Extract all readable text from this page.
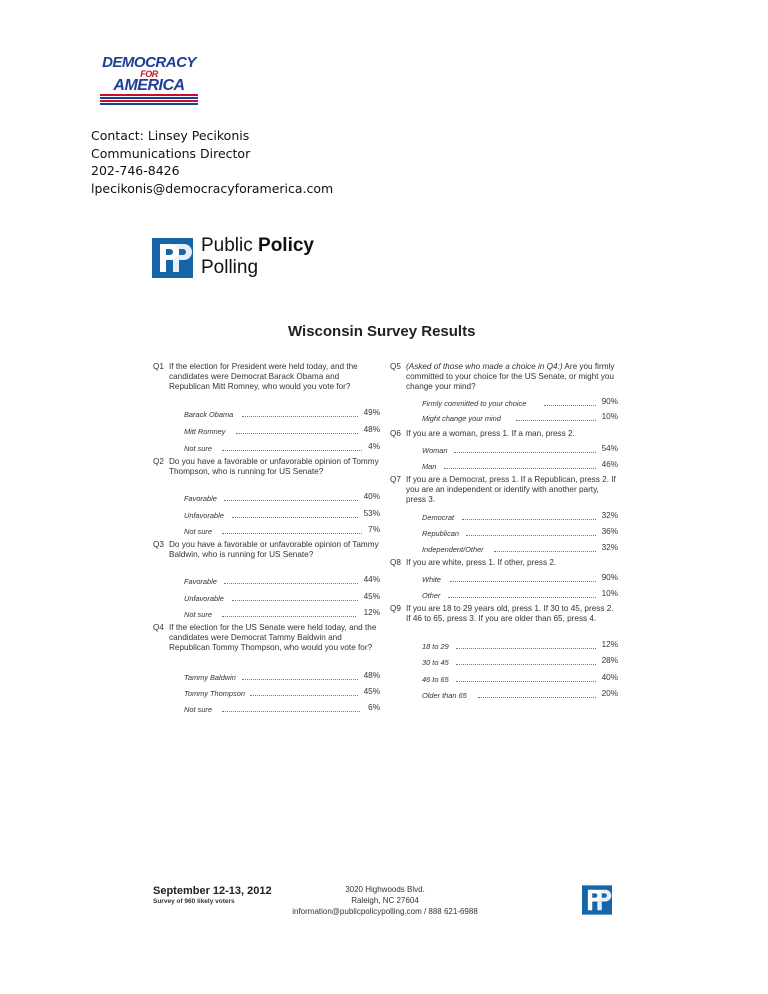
DEMOCRACY
FOR
AMERICA
Contact: Linsey Pecikonis
Communications Director
202-746-8426
lpecikonis@democracyforamerica.com
Public Policy
Polling
Wisconsin Survey Results
Q1 If the election for President were held today, and the candidates were Democrat Barack Obama and Republican Mitt Romney, who would you vote for?
Barack Obama	49%
Mitt Romney	48%
Not sure	4%
Q2 Do you have a favorable or unfavorable opinion of Tommy Thompson, who is running for US Senate?
Favorable	40%
Unfavorable	53%
Not sure	7%
Q3 Do you have a favorable or unfavorable opinion of Tammy Baldwin, who is running for US Senate?
Favorable	44%
Unfavorable	45%
Not sure	12%
Q4 If the election for the US Senate were held today, and the candidates were Democrat Tammy Baldwin and Republican Tommy Thompson, who would you vote for?
Tammy Baldwin	48%
Tommy Thompson	45%
Not sure	6%
Q5 (Asked of those who made a choice in Q4:) Are you firmly committed to your choice for the US Senate, or might you change your mind?
Firmly committed to your choice	90%
Might change your mind	10%
Q6 If you are a woman, press 1. If a man, press 2.
Woman	54%
Man	46%
Q7 If you are a Democrat, press 1. If a Republican, press 2. If you are an independent or identify with another party, press 3.
Democrat	32%
Republican	36%
Independent/Other	32%
Q8 If you are white, press 1. If other, press 2.
White	90%
Other	10%
Q9 If you are 18 to 29 years old, press 1. If 30 to 45, press 2. If 46 to 65, press 3. If you are older than 65, press 4.
18 to 29	12%
30 to 45	28%
46 to 65	40%
Older than 65	20%
September 12-13, 2012
Survey of 960 likely voters
3020 Highwoods Blvd.
Raleigh, NC 27604
information@publicpolicypolling.com / 888 621-6988
